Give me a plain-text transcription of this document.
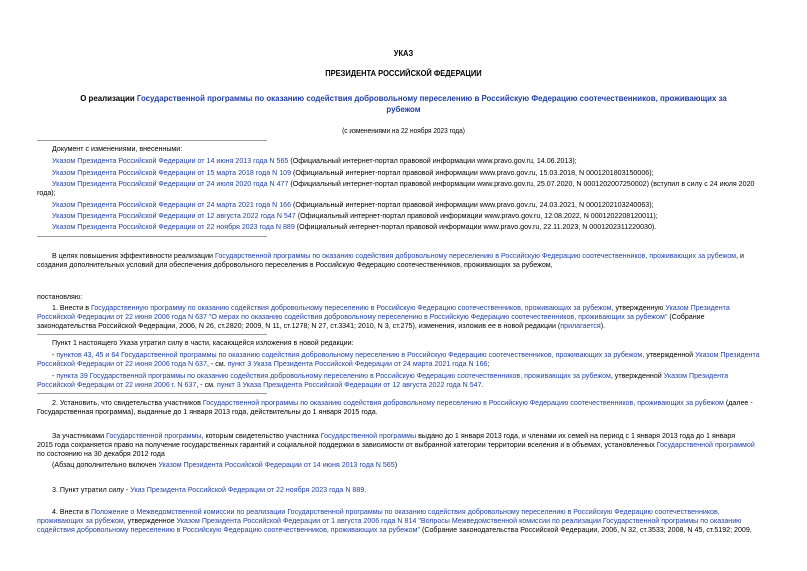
УКАЗ
ПРЕЗИДЕНТА РОССИЙСКОЙ ФЕДЕРАЦИИ
О реализации Государственной программы по оказанию содействия добровольному переселению в Российскую Федерацию соотечественников, проживающих за
рубежом
(с изменениями на 22 ноября 2023 года)
Документ с изменениями, внесенными:
Указом Президента Российской Федерации от 14 июня 2013 года N 565 (Официальный интернет-портал правовой информации www.pravo.gov.ru, 14.06.2013);
Указом Президента Российской Федерации от 15 марта 2018 года N 109 (Официальный интернет-портал правовой информации www.pravo.gov.ru, 15.03.2018, N 0001201803150006);
Указом Президента Российской Федерации от 24 июля 2020 года N 477 (Официальный интернет-портал правовой информации www.pravo.gov.ru, 25.07.2020, N 0001202007250002) (вступил в силу с 24 июля 2020
года);
Указом Президента Российской Федерации от 24 марта 2021 года N 166 (Официальный интернет-портал правовой информации www.pravo.gov.ru, 24.03.2021, N 0001202103240063);
Указом Президента Российской Федерации от 12 августа 2022 года N 547 (Официальный интернет-портал правовой информации www.pravo.gov.ru, 12.08.2022, N 0001202208120011);
Указом Президента Российской Федерации от 22 ноября 2023 года N 889 (Официальный интернет-портал правовой информации www.pravo.gov.ru, 22.11.2023, N 0001202311220030).
В целях повышения эффективности реализации Государственной программы по оказанию содействия добровольному переселению в Российскую Федерацию соотечественников, проживающих за рубежом, и
создания дополнительных условий для обеспечения добровольного переселения в Российскую Федерацию соотечественников, проживающих за рубежом,
постановляю:
1. Внести в Государственную программу по оказанию содействия добровольному переселению в Российскую Федерацию соотечественников, проживающих за рубежом, утвержденную Указом Президента
Российской Федерации от 22 июня 2006 года N 637 "О мерах по оказанию содействия добровольному переселению в Российскую Федерацию соотечественников, проживающих за рубежом" (Собрание
законодательства Российской Федерации, 2006, N 26, ст.2820; 2009, N 11, ст.1278; N 27, ст.3341; 2010, N 3, ст.275), изменения, изложив ее в новой редакции (прилагается).
Пункт 1 настоящего Указа утратил силу в части, касающейся изложения в новой редакции:
- пунктов 43, 45 и 64 Государственной программы по оказанию содействия добровольному переселению в Российскую Федерацию соотечественников, проживающих за рубежом, утвержденной Указом Президента
Российской Федерации от 22 июня 2006 года N 637, - см. пункт 3 Указа Президента Российской Федерации от 24 марта 2021 года N 166;
- пункта 39 Государственной программы по оказанию содействия добровольному переселению в Российскую Федерацию соотечественников, проживающих за рубежом, утвержденной Указом Президента
Российской Федерации от 22 июня 2006 г. N 637, - см. пункт 3 Указа Президента Российской Федерации от 12 августа 2022 года N 547.
2. Установить, что свидетельства участников Государственной программы по оказанию содействия добровольному переселению в Российскую Федерацию соотечественников, проживающих за рубежом (далее -
Государственная программа), выданные до 1 января 2013 года, действительны до 1 января 2015 года.
За участниками Государственной программы, которым свидетельство участника Государственной программы выдано до 1 января 2013 года, и членами их семей на период с 1 января 2013 года до 1 января
2015 года сохраняется право на получение государственных гарантий и социальной поддержки в зависимости от выбранной категории территории вселения и в объемах, установленных Государственной программой
по состоянию на 30 декабря 2012 года
(Абзац дополнительно включен Указом Президента Российской Федерации от 14 июня 2013 года N 565)
3. Пункт утратил силу - Указ Президента Российской Федерации от 22 ноября 2023 года N 889.
4. Внести в Положение о Межведомственной комиссии по реализации Государственной программы по оказанию содействия добровольному переселению в Российскую Федерацию соотечественников,
проживающих за рубежом, утвержденное Указом Президента Российской Федерации от 1 августа 2006 года N 814 "Вопросы Межведомственной комиссии по реализации Государственной программы по оказанию
содействия добровольному переселению в Российскую Федерацию соотечественников, проживающих за рубежом" (Собрание законодательства Российской Федерации, 2006, N 32, ст.3533; 2008, N 45, ст.5192; 2009,
